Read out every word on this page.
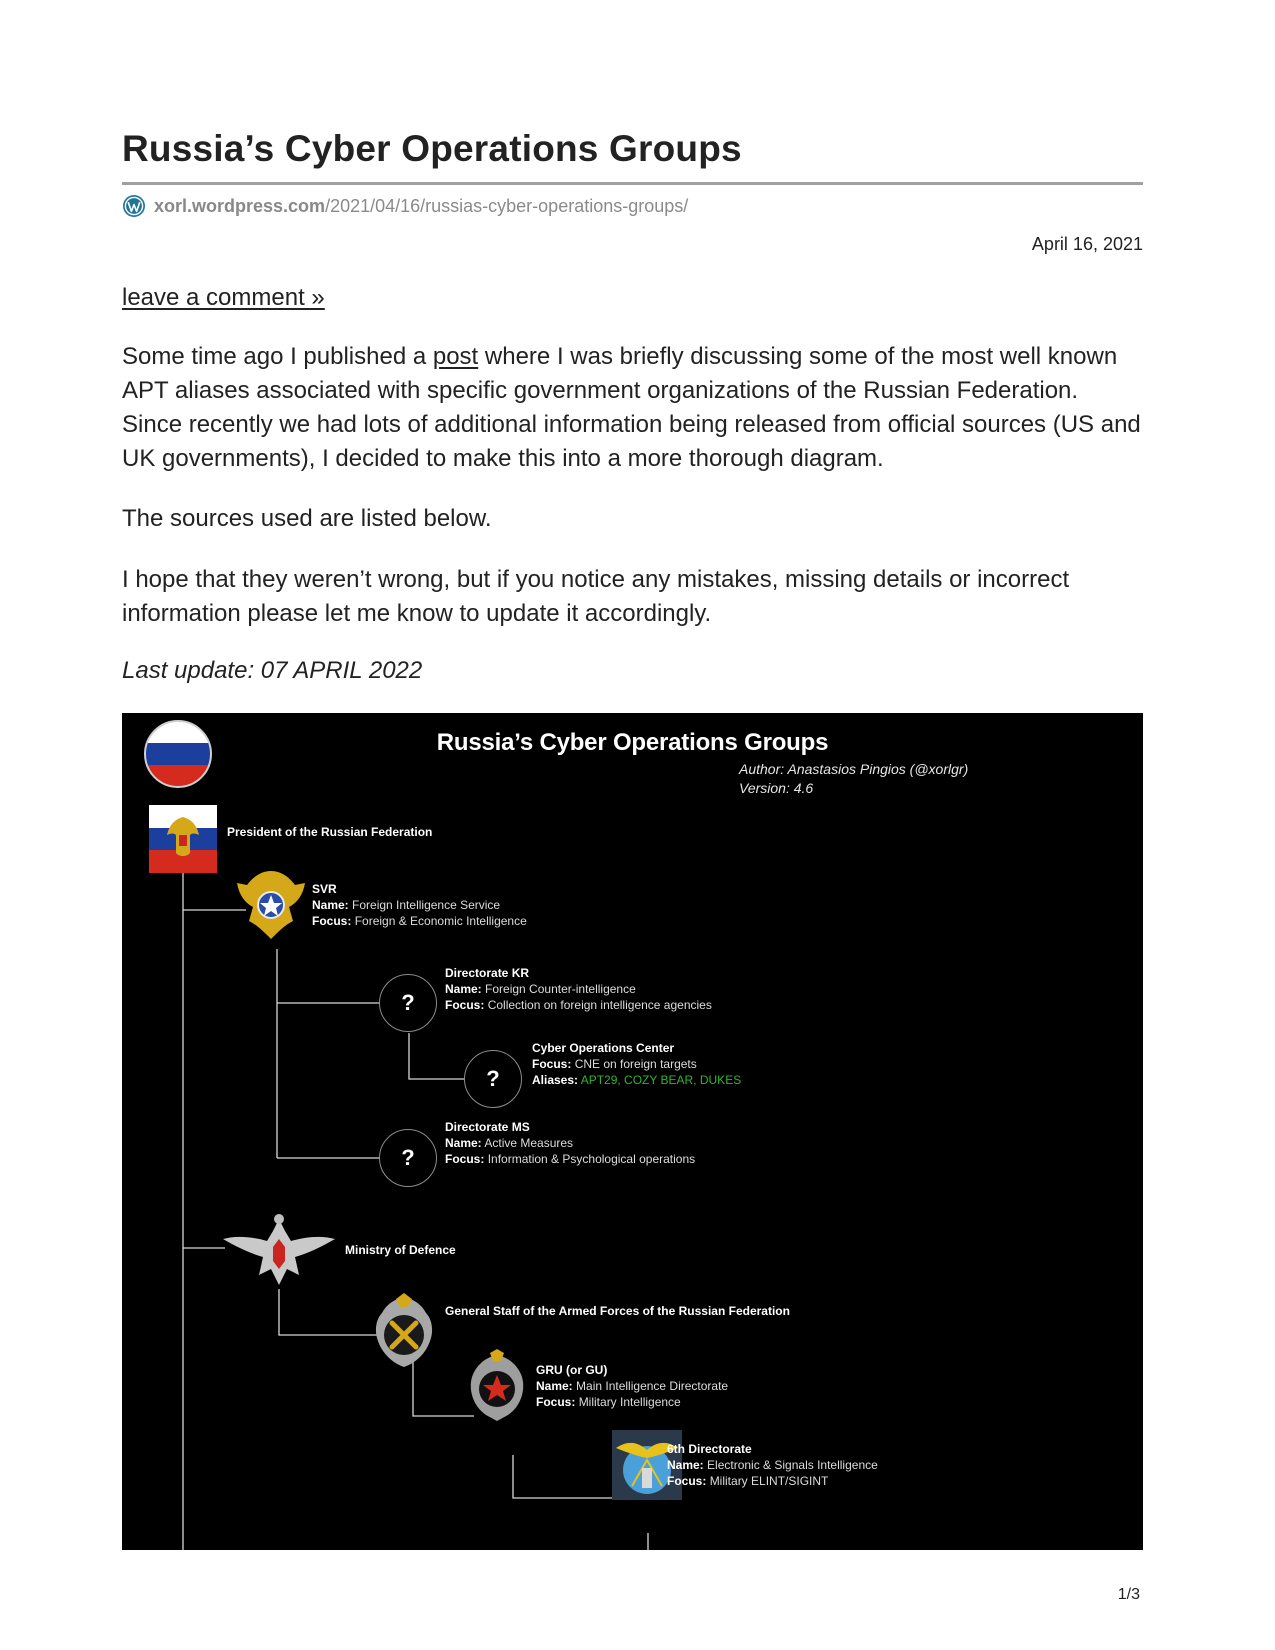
Russia’s Cyber Operations Groups
xorl.wordpress.com /2021/04/16/russias-cyber-operations-groups/
April 16, 2021
leave a comment »

Some time ago I published a post where I was briefly discussing some of the most well known APT aliases associated with specific government organizations of the Russian Federation. Since recently we had lots of additional information being released from official sources (US and UK governments), I decided to make this into a more thorough diagram.

The sources used are listed below.

I hope that they weren’t wrong, but if you notice any mistakes, missing details or incorrect information please let me know to update it accordingly.

Last update: 07 APRIL 2022

Russia’s Cyber Operations Groups
Author: Anastasios Pingios (@xorlgr)
Version: 4.6
President of the Russian Federation
SVR
Name: Foreign Intelligence Service
Focus: Foreign & Economic Intelligence
?
Directorate KR
Name: Foreign Counter-intelligence
Focus: Collection on foreign intelligence agencies
?
Cyber Operations Center
Focus: CNE on foreign targets
Aliases: APT29, COZY BEAR, DUKES
?
Directorate MS
Name: Active Measures
Focus: Information & Psychological operations
Ministry of Defence
General Staff of the Armed Forces of the Russian Federation
GRU (or GU)
Name: Main Intelligence Directorate
Focus: Military Intelligence
6th Directorate
Name: Electronic & Signals Intelligence
Focus: Military ELINT/SIGINT
1/3
